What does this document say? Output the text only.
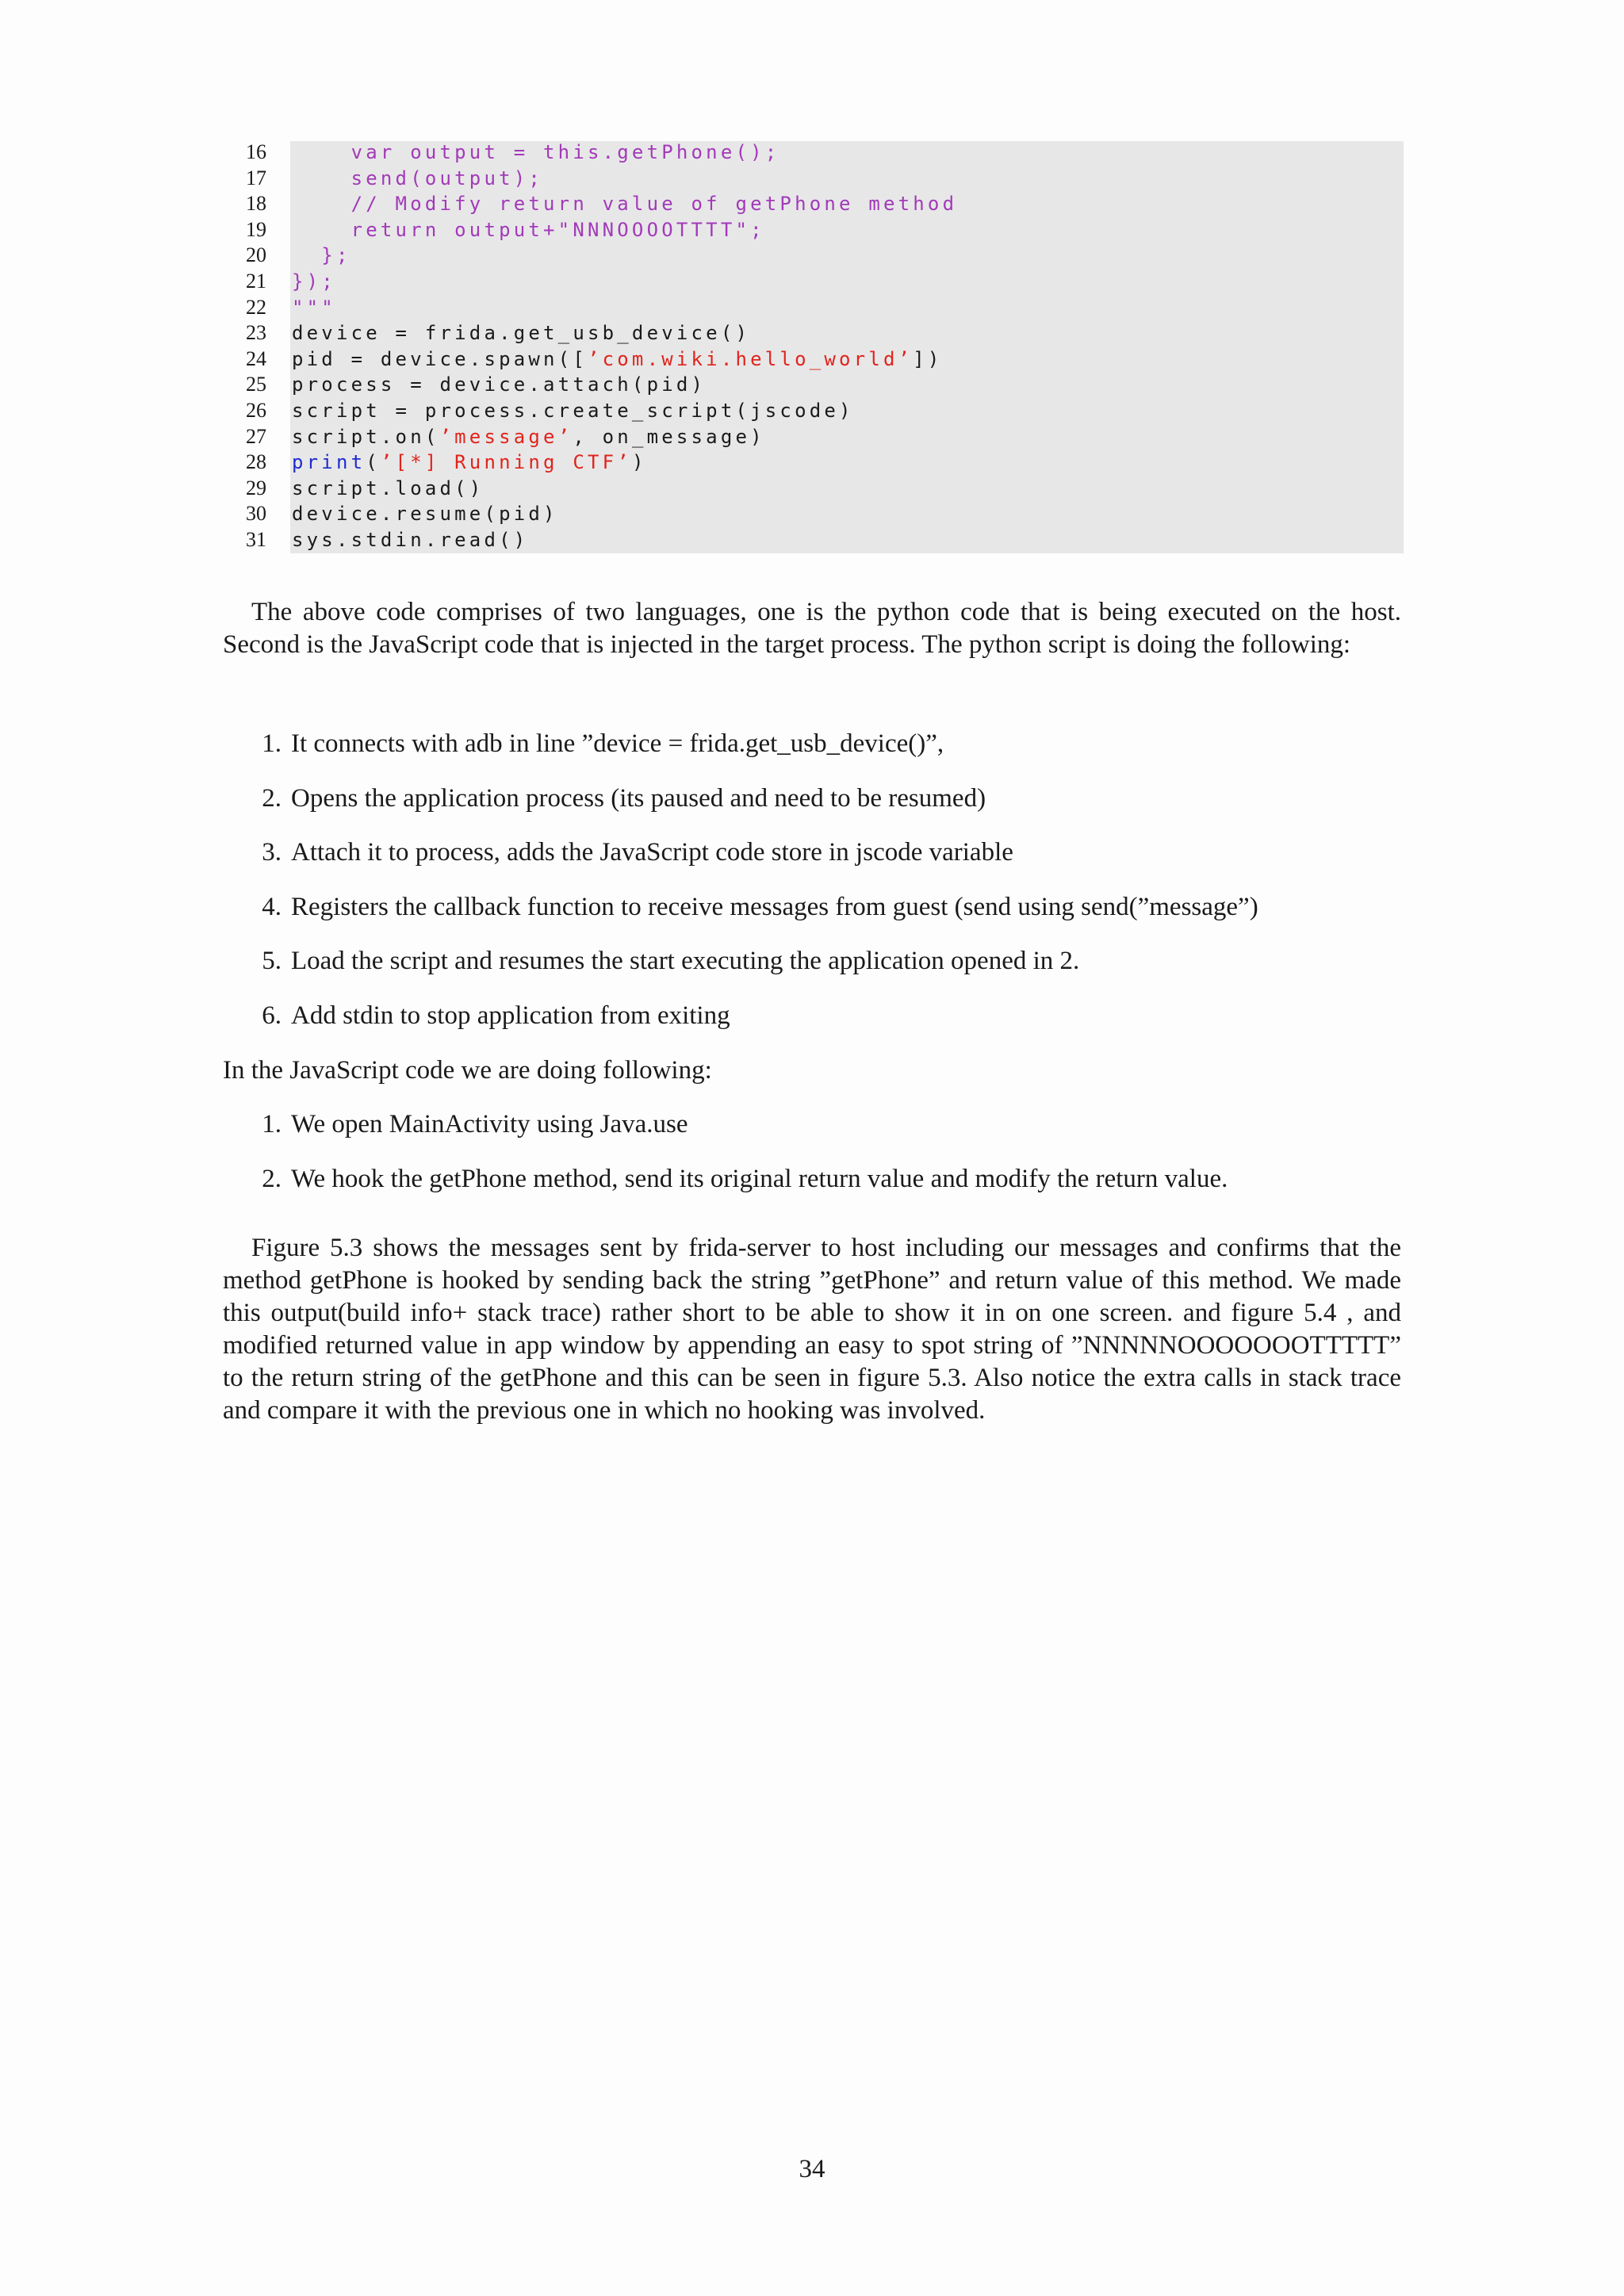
16 var output = this.getPhone();
17 send(output);
18 // Modify return value of getPhone method
19 return output+"NNNOOOOTTTT";
20 };
21 });
22 """
23 device = frida.get_usb_device()
24 pid = device.spawn([’com.wiki.hello_world’])
25 process = device.attach(pid)
26 script = process.create_script(jscode)
27 script.on(’message’, on_message)
28 print(’[*] Running CTF’)
29 script.load()
30 device.resume(pid)
31 sys.stdin.read()

The above code comprises of two languages, one is the python code that is being executed on the host. Second is the JavaScript code that is injected in the target process. The python script is doing the following:

1. It connects with adb in line ”device = frida.get_usb_device()”,
2. Opens the application process (its paused and need to be resumed)
3. Attach it to process, adds the JavaScript code store in jscode variable
4. Registers the callback function to receive messages from guest (send using send(”message”)
5. Load the script and resumes the start executing the application opened in 2.
6. Add stdin to stop application from exiting

In the JavaScript code we are doing following:

1. We open MainActivity using Java.use
2. We hook the getPhone method, send its original return value and modify the return value.

Figure 5.3 shows the messages sent by frida-server to host including our messages and confirms that the method getPhone is hooked by sending back the string ”getPhone” and return value of this method. We made this output(build info+ stack trace) rather short to be able to show it in on one screen. and figure 5.4 , and modified returned value in app window by appending an easy to spot string of ”NNNNNOOOOOOOTTTTT” to the return string of the getPhone and this can be seen in figure 5.3. Also notice the extra calls in stack trace and compare it with the previous one in which no hooking was involved.

34
